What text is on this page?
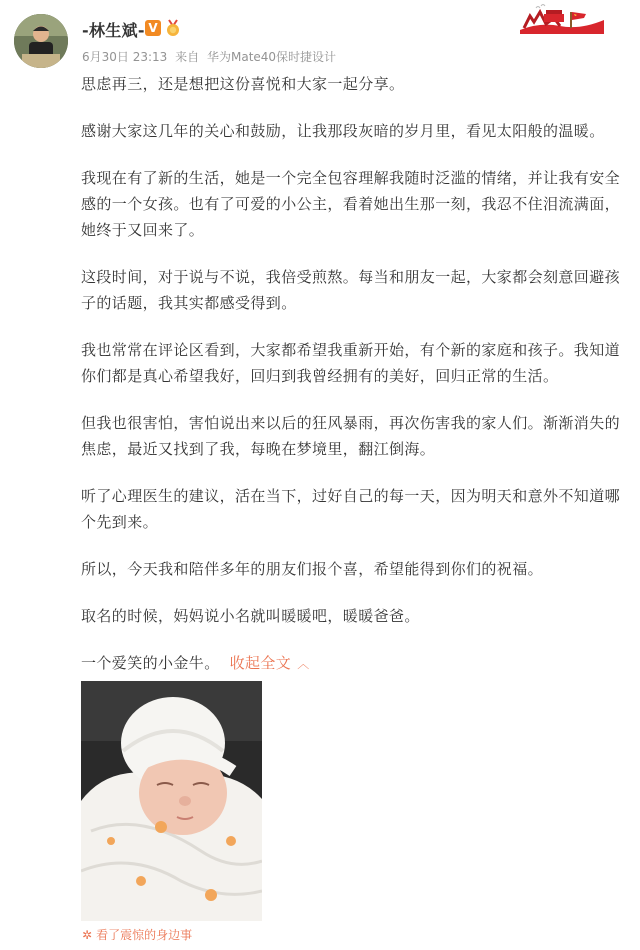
-林生斌- V
6月30日 23:13 来自 华为Mate40保时捷设计

思虑再三，还是想把这份喜悦和大家一起分享。

感谢大家这几年的关心和鼓励，让我那段灰暗的岁月里，看见太阳般的温暖。

我现在有了新的生活，她是一个完全包容理解我随时泛滥的情绪，并让我有安全感的一个女孩。也有了可爱的小公主，看着她出生那一刻，我忍不住泪流满面，她终于又回来了。

这段时间，对于说与不说，我倍受煎熬。每当和朋友一起，大家都会刻意回避孩子的话题，我其实都感受得到。

我也常常在评论区看到，大家都希望我重新开始，有个新的家庭和孩子。我知道你们都是真心希望我好，回归到我曾经拥有的美好，回归正常的生活。

但我也很害怕，害怕说出来以后的狂风暴雨，再次伤害我的家人们。渐渐消失的焦虑，最近又找到了我，每晚在梦境里，翻江倒海。

听了心理医生的建议，活在当下，过好自己的每一天，因为明天和意外不知道哪个先到来。

所以，今天我和陪伴多年的朋友们报个喜，希望能得到你们的祝福。

取名的时候，妈妈说小名就叫暖暖吧，暖暖爸爸。

一个爱笑的小金牛。 收起全文 ︿
✲ 看了震惊的身边事
